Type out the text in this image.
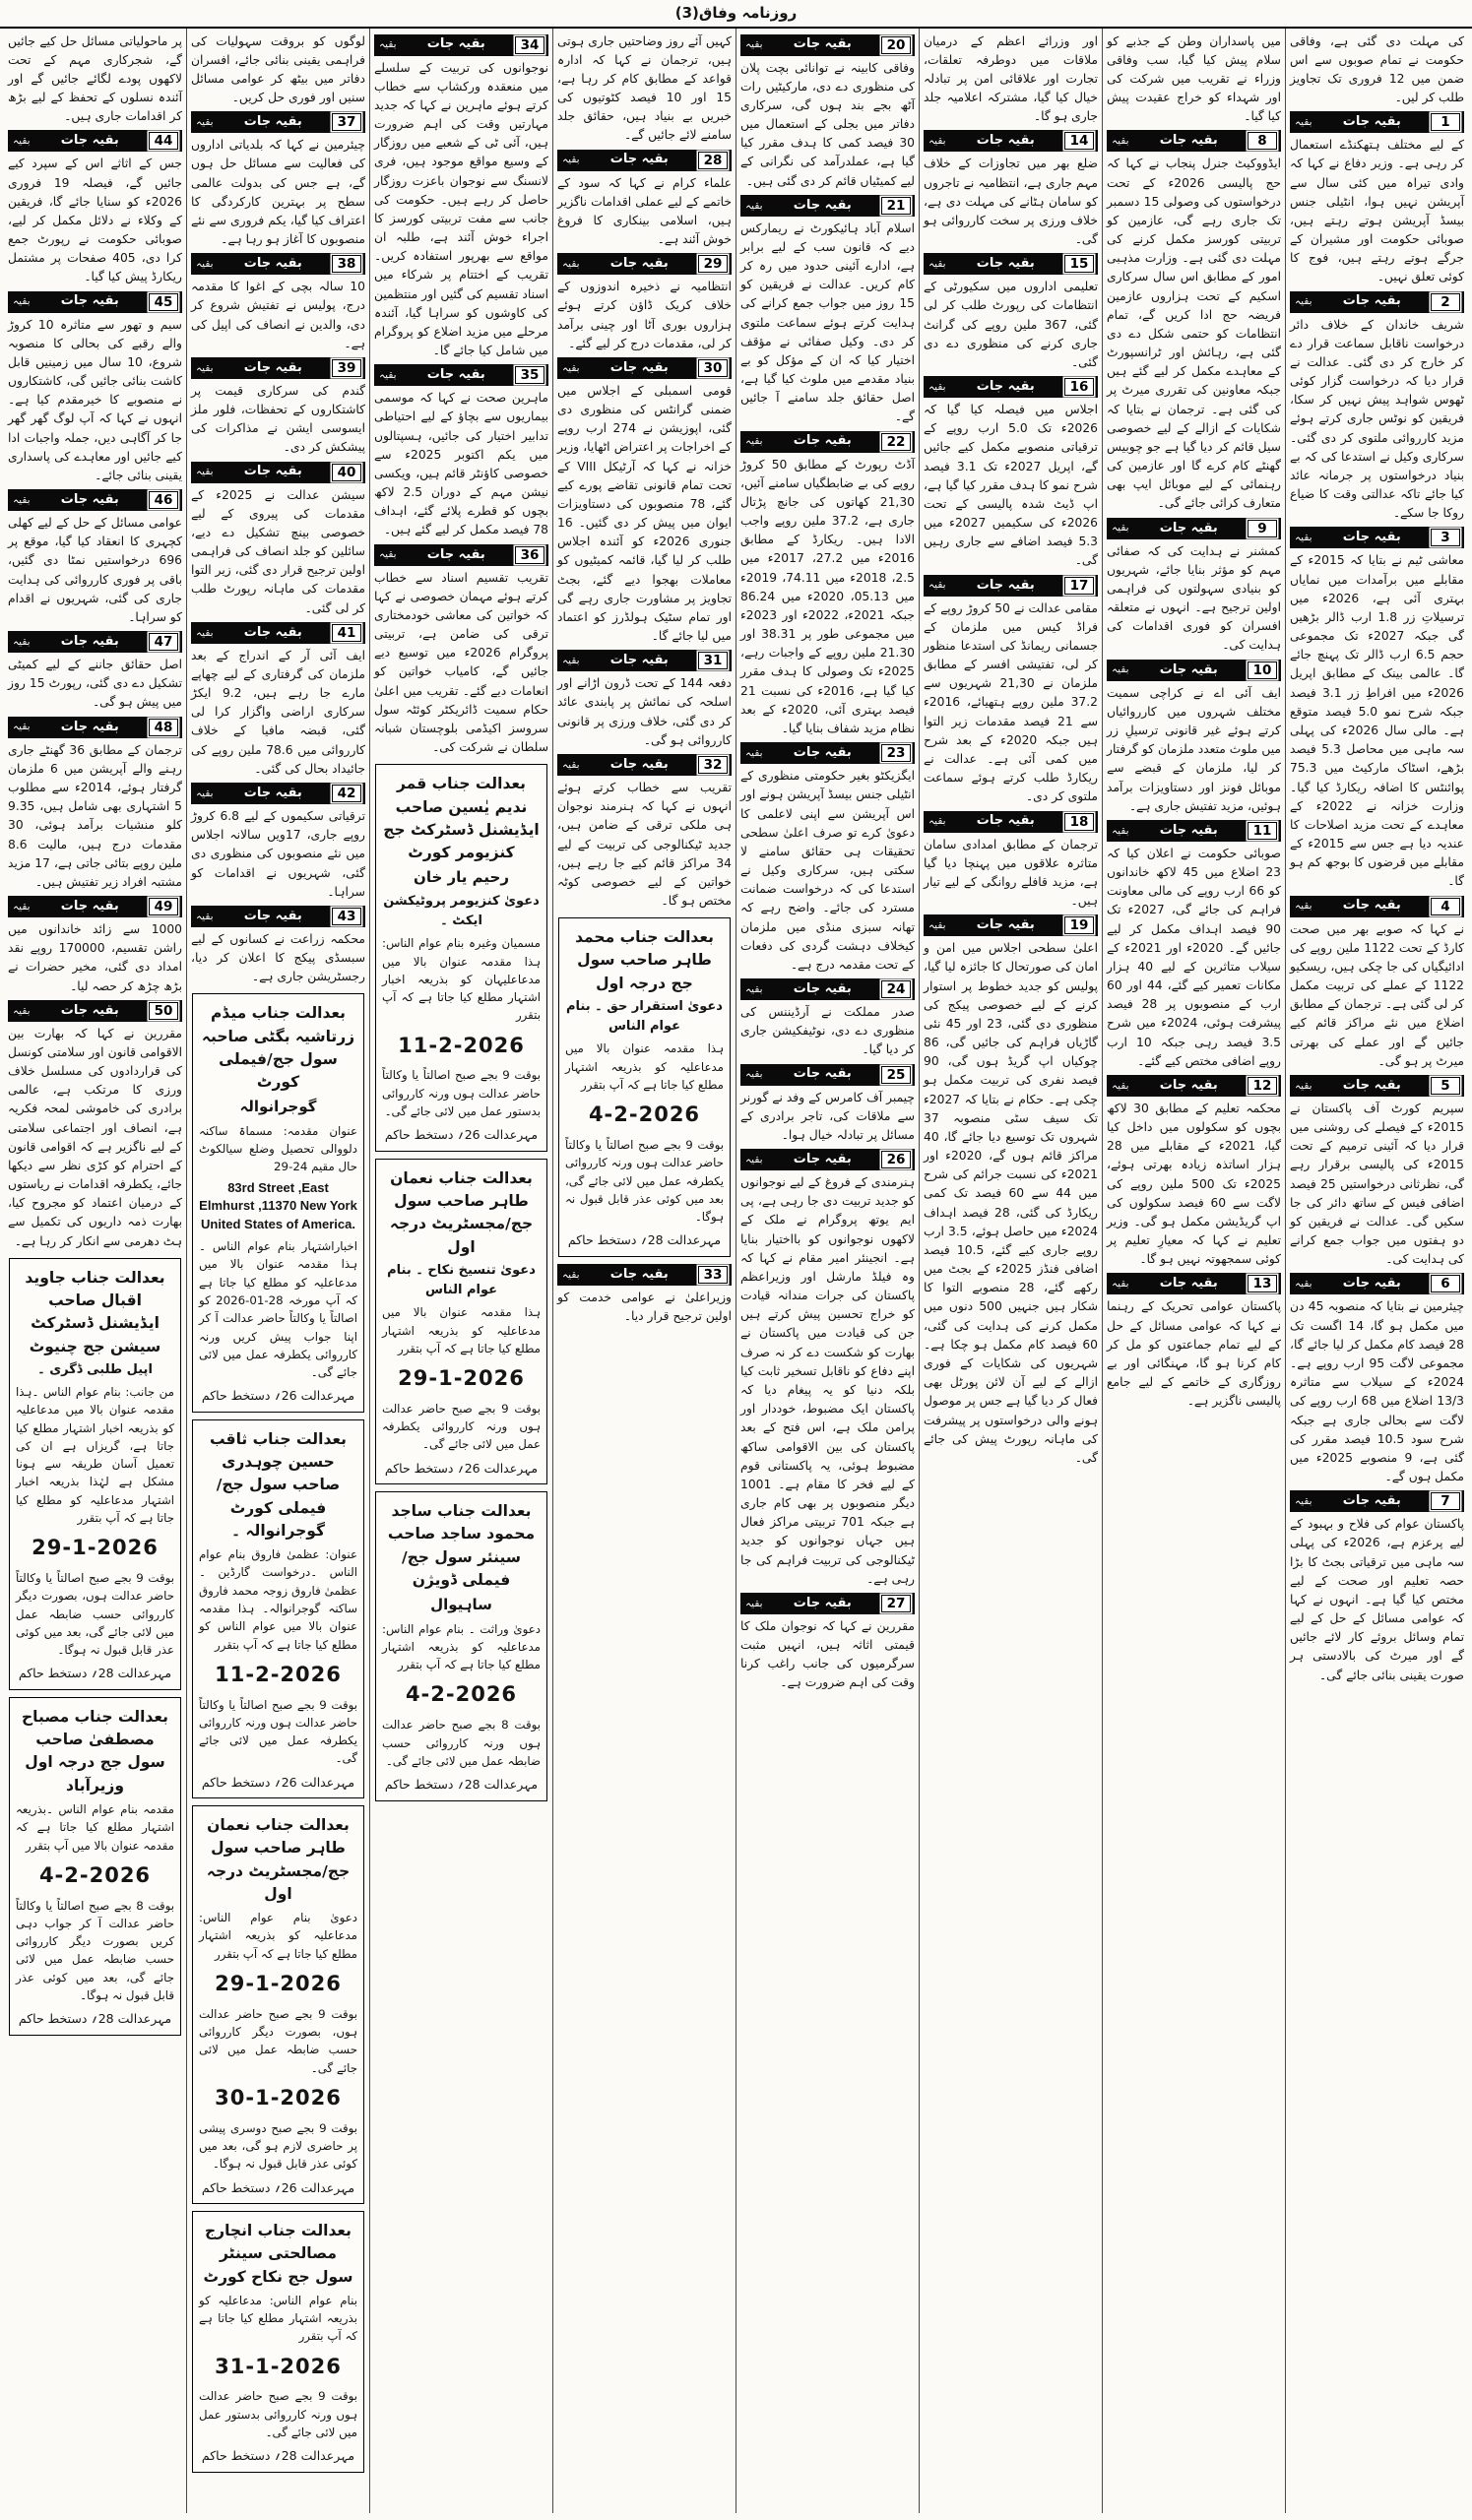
روزنامہ وفاق(3)

کی مہلت دی گئی ہے، وفاقی حکومت نے تمام صوبوں سے اس ضمن میں 12 فروری تک تجاویز طلب کر لیں۔

1
بقیہ جات
بقیہ

کے لیے مختلف ہتھکنڈے استعمال کر رہی ہے۔ وزیر دفاع نے کہا کہ وادی تیراہ میں کئی سال سے آپریشن نہیں ہوا، انٹیلی جنس بیسڈ آپریشن ہوتے رہتے ہیں، صوبائی حکومت اور مشیران کے جرگے ہوتے رہتے ہیں، فوج کا کوئی تعلق نہیں۔

2
بقیہ جات
بقیہ

شریف خاندان کے خلاف دائر درخواست ناقابل سماعت قرار دے کر خارج کر دی گئی۔ عدالت نے قرار دیا کہ درخواست گزار کوئی ٹھوس شواہد پیش نہیں کر سکا، فریقین کو نوٹس جاری کرتے ہوئے مزید کارروائی ملتوی کر دی گئی۔ سرکاری وکیل نے استدعا کی کہ بے بنیاد درخواستوں پر جرمانہ عائد کیا جائے تاکہ عدالتی وقت کا ضیاع روکا جا سکے۔

3
بقیہ جات
بقیہ

معاشی ٹیم نے بتایا کہ 2015ء کے مقابلے میں برآمدات میں نمایاں بہتری آئی ہے، 2026ء میں ترسیلاتِ زر 1.8 ارب ڈالر بڑھیں گی جبکہ 2027ء تک مجموعی حجم 6.5 ارب ڈالر تک پہنچ جائے گا۔ عالمی بینک کے مطابق اپریل 2026ء میں افراطِ زر 3.1 فیصد جبکہ شرح نمو 5.0 فیصد متوقع ہے۔ مالی سال 2026ء کی پہلی سہ ماہی میں محاصل 5.3 فیصد بڑھے، اسٹاک مارکیٹ میں 75.3 پوائنٹس کا اضافہ ریکارڈ کیا گیا۔ وزارت خزانہ نے 2022ء کے معاہدے کے تحت مزید اصلاحات کا عندیہ دیا ہے جس سے 2015ء کے مقابلے میں قرضوں کا بوجھ کم ہو گا۔

4
بقیہ جات
بقیہ

نے کہا کہ صوبے بھر میں صحت کارڈ کے تحت 1122 ملین روپے کی ادائیگیاں کی جا چکی ہیں، ریسکیو 1122 کے عملے کی تربیت مکمل کر لی گئی ہے۔ ترجمان کے مطابق اضلاع میں نئے مراکز قائم کیے جائیں گے اور عملے کی بھرتی میرٹ پر ہو گی۔

5
بقیہ جات
بقیہ

سپریم کورٹ آف پاکستان نے 2015ء کے فیصلے کی روشنی میں قرار دیا کہ آئینی ترمیم کے تحت 2015ء کی پالیسی برقرار رہے گی، نظرثانی درخواستیں 25 فیصد اضافی فیس کے ساتھ دائر کی جا سکیں گی۔ عدالت نے فریقین کو دو ہفتوں میں جواب جمع کرانے کی ہدایت کی۔

6
بقیہ جات
بقیہ

چیئرمین نے بتایا کہ منصوبہ 45 دن میں مکمل ہو گا، 14 اگست تک 28 فیصد کام مکمل کر لیا جائے گا، مجموعی لاگت 95 ارب روپے ہے۔ 2024ء کے سیلاب سے متاثرہ 13/3 اضلاع میں 68 ارب روپے کی لاگت سے بحالی جاری ہے جبکہ شرح سود 10.5 فیصد مقرر کی گئی ہے، 9 منصوبے 2025ء میں مکمل ہوں گے۔

7
بقیہ جات
بقیہ

پاکستان عوام کی فلاح و بہبود کے لیے پرعزم ہے، 2026ء کی پہلی سہ ماہی میں ترقیاتی بجٹ کا بڑا حصہ تعلیم اور صحت کے لیے مختص کیا گیا ہے۔ انہوں نے کہا کہ عوامی مسائل کے حل کے لیے تمام وسائل بروئے کار لائے جائیں گے اور میرٹ کی بالادستی ہر صورت یقینی بنائی جائے گی۔

میں پاسداران وطن کے جذبے کو سلام پیش کیا گیا، سب وفاقی وزراء نے تقریب میں شرکت کی اور شہداء کو خراج عقیدت پیش کیا گیا۔

8
بقیہ جات
بقیہ

ایڈووکیٹ جنرل پنجاب نے کہا کہ حج پالیسی 2026ء کے تحت درخواستوں کی وصولی 15 دسمبر تک جاری رہے گی، عازمین کو تربیتی کورسز مکمل کرنے کی مہلت دی گئی ہے۔ وزارت مذہبی امور کے مطابق اس سال سرکاری اسکیم کے تحت ہزاروں عازمین فریضہ حج ادا کریں گے، تمام انتظامات کو حتمی شکل دے دی گئی ہے، رہائش اور ٹرانسپورٹ کے معاہدے مکمل کر لیے گئے ہیں جبکہ معاونین کی تقرری میرٹ پر کی گئی ہے۔ ترجمان نے بتایا کہ شکایات کے ازالے کے لیے خصوصی سیل قائم کر دیا گیا ہے جو چوبیس گھنٹے کام کرے گا اور عازمین کی رہنمائی کے لیے موبائل ایپ بھی متعارف کرائی جائے گی۔

9
بقیہ جات
بقیہ

کمشنر نے ہدایت کی کہ صفائی مہم کو مؤثر بنایا جائے، شہریوں کو بنیادی سہولتوں کی فراہمی اولین ترجیح ہے۔ انہوں نے متعلقہ افسران کو فوری اقدامات کی ہدایت کی۔

10
بقیہ جات
بقیہ

ایف آئی اے نے کراچی سمیت مختلف شہروں میں کارروائیاں کرتے ہوئے غیر قانونی ترسیلِ زر میں ملوث متعدد ملزمان کو گرفتار کر لیا، ملزمان کے قبضے سے موبائل فونز اور دستاویزات برآمد ہوئیں، مزید تفتیش جاری ہے۔

11
بقیہ جات
بقیہ

صوبائی حکومت نے اعلان کیا کہ 23 اضلاع میں 45 لاکھ خاندانوں کو 66 ارب روپے کی مالی معاونت فراہم کی جائے گی، 2027ء تک 90 فیصد اہداف مکمل کر لیے جائیں گے۔ 2020ء اور 2021ء کے سیلاب متاثرین کے لیے 40 ہزار مکانات تعمیر کیے گئے، 44 اور 60 ارب کے منصوبوں پر 28 فیصد پیشرفت ہوئی، 2024ء میں شرح 3.5 فیصد رہی جبکہ 10 ارب روپے اضافی مختص کیے گئے۔

12
بقیہ جات
بقیہ

محکمہ تعلیم کے مطابق 30 لاکھ بچوں کو سکولوں میں داخل کیا گیا، 2021ء کے مقابلے میں 28 ہزار اساتذہ زیادہ بھرتی ہوئے، 2025ء تک 500 ملین روپے کی لاگت سے 60 فیصد سکولوں کی اپ گریڈیشن مکمل ہو گی۔ وزیر تعلیم نے کہا کہ معیارِ تعلیم پر کوئی سمجھوتہ نہیں ہو گا۔

13
بقیہ جات
بقیہ

پاکستان عوامی تحریک کے رہنما نے کہا کہ عوامی مسائل کے حل کے لیے تمام جماعتوں کو مل کر کام کرنا ہو گا، مہنگائی اور بے روزگاری کے خاتمے کے لیے جامع پالیسی ناگزیر ہے۔

اور وزرائے اعظم کے درمیان ملاقات میں دوطرفہ تعلقات، تجارت اور علاقائی امن پر تبادلہ خیال کیا گیا، مشترکہ اعلامیہ جلد جاری ہو گا۔

14
بقیہ جات
بقیہ

ضلع بھر میں تجاوزات کے خلاف مہم جاری ہے، انتظامیہ نے تاجروں کو سامان ہٹانے کی مہلت دی ہے، خلاف ورزی پر سخت کارروائی ہو گی۔

15
بقیہ جات
بقیہ

تعلیمی اداروں میں سکیورٹی کے انتظامات کی رپورٹ طلب کر لی گئی، 367 ملین روپے کی گرانٹ جاری کرنے کی منظوری دے دی گئی۔

16
بقیہ جات
بقیہ

اجلاس میں فیصلہ کیا گیا کہ 2026ء تک 5.0 ارب روپے کے ترقیاتی منصوبے مکمل کیے جائیں گے، اپریل 2027ء تک 3.1 فیصد شرح نمو کا ہدف مقرر کیا گیا ہے، اپ ڈیٹ شدہ پالیسی کے تحت 2026ء کی سکیمیں 2027ء میں 5.3 فیصد اضافے سے جاری رہیں گی۔

17
بقیہ جات
بقیہ

مقامی عدالت نے 50 کروڑ روپے کے فراڈ کیس میں ملزمان کے جسمانی ریمانڈ کی استدعا منظور کر لی، تفتیشی افسر کے مطابق ملزمان نے 21,30 شہریوں سے 37.2 ملین روپے ہتھیائے، 2016ء سے 21 فیصد مقدمات زیر التوا ہیں جبکہ 2020ء کے بعد شرح میں کمی آئی ہے۔ عدالت نے ریکارڈ طلب کرتے ہوئے سماعت ملتوی کر دی۔

18
بقیہ جات
بقیہ

ترجمان کے مطابق امدادی سامان متاثرہ علاقوں میں پہنچا دیا گیا ہے، مزید قافلے روانگی کے لیے تیار ہیں۔

19
بقیہ جات
بقیہ

اعلیٰ سطحی اجلاس میں امن و امان کی صورتحال کا جائزہ لیا گیا، پولیس کو جدید خطوط پر استوار کرنے کے لیے خصوصی پیکج کی منظوری دی گئی، 23 اور 45 نئی گاڑیاں فراہم کی جائیں گی، 86 چوکیاں اپ گریڈ ہوں گی، 90 فیصد نفری کی تربیت مکمل ہو چکی ہے۔ حکام نے بتایا کہ 2027ء تک سیف سٹی منصوبہ 37 شہروں تک توسیع دیا جائے گا، 40 مراکز قائم ہوں گے، 2020ء اور 2021ء کی نسبت جرائم کی شرح میں 44 سے 60 فیصد تک کمی ریکارڈ کی گئی، 28 فیصد اہداف 2024ء میں حاصل ہوئے، 3.5 ارب روپے جاری کیے گئے، 10.5 فیصد اضافی فنڈز 2025ء کے بجٹ میں رکھے گئے، 28 منصوبے التوا کا شکار ہیں جنہیں 500 دنوں میں مکمل کرنے کی ہدایت کی گئی، 60 فیصد کام مکمل ہو چکا ہے۔ شہریوں کی شکایات کے فوری ازالے کے لیے آن لائن پورٹل بھی فعال کر دیا گیا ہے جس پر موصول ہونے والی درخواستوں پر پیشرفت کی ماہانہ رپورٹ پیش کی جائے گی۔

20
بقیہ جات
بقیہ

وفاقی کابینہ نے توانائی بچت پلان کی منظوری دے دی، مارکیٹیں رات آٹھ بجے بند ہوں گی، سرکاری دفاتر میں بجلی کے استعمال میں 30 فیصد کمی کا ہدف مقرر کیا گیا ہے، عملدرآمد کی نگرانی کے لیے کمیٹیاں قائم کر دی گئی ہیں۔

21
بقیہ جات
بقیہ

اسلام آباد ہائیکورٹ نے ریمارکس دیے کہ قانون سب کے لیے برابر ہے، ادارے آئینی حدود میں رہ کر کام کریں۔ عدالت نے فریقین کو 15 روز میں جواب جمع کرانے کی ہدایت کرتے ہوئے سماعت ملتوی کر دی۔ وکیل صفائی نے مؤقف اختیار کیا کہ ان کے مؤکل کو بے بنیاد مقدمے میں ملوث کیا گیا ہے، اصل حقائق جلد سامنے آ جائیں گے۔

22
بقیہ جات
بقیہ

آڈٹ رپورٹ کے مطابق 50 کروڑ روپے کی بے ضابطگیاں سامنے آئیں، 21,30 کھاتوں کی جانچ پڑتال جاری ہے، 37.2 ملین روپے واجب الادا ہیں۔ ریکارڈ کے مطابق 2016ء میں 27.2، 2017ء میں 2.5، 2018ء میں 74.11، 2019ء میں 05.13، 2020ء میں 86.24 جبکہ 2021ء، 2022ء اور 2023ء میں مجموعی طور پر 38.31 اور 21.30 ملین روپے کے واجبات رہے، 2025ء تک وصولی کا ہدف مقرر کیا گیا ہے، 2016ء کی نسبت 21 فیصد بہتری آئی، 2020ء کے بعد نظام مزید شفاف بنایا گیا۔

23
بقیہ جات
بقیہ

ایگزیکٹو بغیر حکومتی منظوری کے انٹیلی جنس بیسڈ آپریشن ہونے اور اس آپریشن سے اپنی لاعلمی کا دعویٰ کرے تو صرف اعلیٰ سطحی تحقیقات ہی حقائق سامنے لا سکتی ہیں، سرکاری وکیل نے استدعا کی کہ درخواست ضمانت مسترد کی جائے۔ واضح رہے کہ تھانہ سبزی منڈی میں ملزمان کیخلاف دہشت گردی کی دفعات کے تحت مقدمہ درج ہے۔

24
بقیہ جات
بقیہ

صدر مملکت نے آرڈیننس کی منظوری دے دی، نوٹیفکیشن جاری کر دیا گیا۔

25
بقیہ جات
بقیہ

چیمبر آف کامرس کے وفد نے گورنر سے ملاقات کی، تاجر برادری کے مسائل پر تبادلہ خیال ہوا۔

26
بقیہ جات
بقیہ

ہنرمندی کے فروغ کے لیے نوجوانوں کو جدید تربیت دی جا رہی ہے، پی ایم یوتھ پروگرام نے ملک کے لاکھوں نوجوانوں کو بااختیار بنایا ہے۔ انجینئر امیر مقام نے کہا کہ وہ فیلڈ مارشل اور وزیراعظم پاکستان کی جرات مندانہ قیادت کو خراج تحسین پیش کرتے ہیں جن کی قیادت میں پاکستان نے بھارت کو شکست دے کر نہ صرف اپنے دفاع کو ناقابل تسخیر ثابت کیا بلکہ دنیا کو یہ پیغام دیا کہ پاکستان ایک مضبوط، خوددار اور پرامن ملک ہے، اس فتح کے بعد پاکستان کی بین الاقوامی ساکھ مضبوط ہوئی، یہ پاکستانی قوم کے لیے فخر کا مقام ہے۔ 1001 دیگر منصوبوں پر بھی کام جاری ہے جبکہ 701 تربیتی مراکز فعال ہیں جہاں نوجوانوں کو جدید ٹیکنالوجی کی تربیت فراہم کی جا رہی ہے۔

27
بقیہ جات
بقیہ

مقررین نے کہا کہ نوجوان ملک کا قیمتی اثاثہ ہیں، انہیں مثبت سرگرمیوں کی جانب راغب کرنا وقت کی اہم ضرورت ہے۔

کہیں آئے روز وضاحتیں جاری ہوتی ہیں، ترجمان نے کہا کہ ادارہ قواعد کے مطابق کام کر رہا ہے، 15 اور 10 فیصد کٹوتیوں کی خبریں بے بنیاد ہیں، حقائق جلد سامنے لائے جائیں گے۔

28
بقیہ جات
بقیہ

علماء کرام نے کہا کہ سود کے خاتمے کے لیے عملی اقدامات ناگزیر ہیں، اسلامی بینکاری کا فروغ خوش آئند ہے۔

29
بقیہ جات
بقیہ

انتظامیہ نے ذخیرہ اندوزوں کے خلاف کریک ڈاؤن کرتے ہوئے ہزاروں بوری آٹا اور چینی برآمد کر لی، مقدمات درج کر لیے گئے۔

30
بقیہ جات
بقیہ

قومی اسمبلی کے اجلاس میں ضمنی گرانٹس کی منظوری دی گئی، اپوزیشن نے 274 ارب روپے کے اخراجات پر اعتراض اٹھایا، وزیر خزانہ نے کہا کہ آرٹیکل VIII کے تحت تمام قانونی تقاضے پورے کیے گئے، 78 منصوبوں کی دستاویزات ایوان میں پیش کر دی گئیں۔ 16 جنوری 2026ء کو آئندہ اجلاس طلب کر لیا گیا، قائمہ کمیٹیوں کو معاملات بھجوا دیے گئے، بجٹ تجاویز پر مشاورت جاری رہے گی اور تمام سٹیک ہولڈرز کو اعتماد میں لیا جائے گا۔

31
بقیہ جات
بقیہ

دفعہ 144 کے تحت ڈرون اڑانے اور اسلحہ کی نمائش پر پابندی عائد کر دی گئی، خلاف ورزی پر قانونی کارروائی ہو گی۔

32
بقیہ جات
بقیہ

تقریب سے خطاب کرتے ہوئے انہوں نے کہا کہ ہنرمند نوجوان ہی ملکی ترقی کے ضامن ہیں، جدید ٹیکنالوجی کی تربیت کے لیے 34 مراکز قائم کیے جا رہے ہیں، خواتین کے لیے خصوصی کوٹہ مختص ہو گا۔

بعدالت جناب محمد طاہر صاحب سول جج درجہ اول
دعویٰ استقرار حق ۔ بنام عوام الناس
ہذا مقدمہ عنوان بالا میں مدعاعلیہ کو بذریعہ اشتہار مطلع کیا جاتا ہے کہ آپ بتقرر
4-2-2026
بوقت 9 بجے صبح اصالتاً یا وکالتاً حاضر عدالت ہوں ورنہ کارروائی یکطرفہ عمل میں لائی جائے گی، بعد میں کوئی عذر قابل قبول نہ ہوگا۔
مہرعدالت 28؍ دستخط حاکم
33
بقیہ جات
بقیہ

وزیراعلیٰ نے عوامی خدمت کو اولین ترجیح قرار دیا۔

34
بقیہ جات
بقیہ

نوجوانوں کی تربیت کے سلسلے میں منعقدہ ورکشاپ سے خطاب کرتے ہوئے ماہرین نے کہا کہ جدید مہارتیں وقت کی اہم ضرورت ہیں، آئی ٹی کے شعبے میں روزگار کے وسیع مواقع موجود ہیں، فری لانسنگ سے نوجوان باعزت روزگار حاصل کر رہے ہیں۔ حکومت کی جانب سے مفت تربیتی کورسز کا اجراء خوش آئند ہے، طلبہ ان مواقع سے بھرپور استفادہ کریں۔ تقریب کے اختتام پر شرکاء میں اسناد تقسیم کی گئیں اور منتظمین کی کاوشوں کو سراہا گیا، آئندہ مرحلے میں مزید اضلاع کو پروگرام میں شامل کیا جائے گا۔

35
بقیہ جات
بقیہ

ماہرین صحت نے کہا کہ موسمی بیماریوں سے بچاؤ کے لیے احتیاطی تدابیر اختیار کی جائیں، ہسپتالوں میں یکم اکتوبر 2025ء سے خصوصی کاؤنٹر قائم ہیں، ویکسی نیشن مہم کے دوران 2.5 لاکھ بچوں کو قطرے پلائے گئے، اہداف 78 فیصد مکمل کر لیے گئے ہیں۔

36
بقیہ جات
بقیہ

تقریب تقسیم اسناد سے خطاب کرتے ہوئے مہمان خصوصی نے کہا کہ خواتین کی معاشی خودمختاری ترقی کی ضامن ہے، تربیتی پروگرام 2026ء میں توسیع دیے جائیں گے، کامیاب خواتین کو انعامات دیے گئے۔ تقریب میں اعلیٰ حکام سمیت ڈائریکٹر کوئٹہ سول سروسز اکیڈمی بلوچستان شبانہ سلطان نے شرکت کی۔

بعدالت جناب قمر ندیم یٰسین صاحب ایڈیشنل ڈسٹرکٹ جج کنزیومر کورٹ
رحیم یار خان
دعویٰ کنزیومر پروٹیکشن ایکٹ ۔
مسمیان وغیرہ بنام عوام الناس: ہذا مقدمہ عنوان بالا میں مدعاعلیہان کو بذریعہ اخبار اشتہار مطلع کیا جاتا ہے کہ آپ بتقرر
11-2-2026
بوقت 9 بجے صبح اصالتاً یا وکالتاً حاضر عدالت ہوں ورنہ کارروائی بدستور عمل میں لائی جائے گی۔
مہرعدالت 26؍ دستخط حاکم
بعدالت جناب نعمان طاہر صاحب سول جج/مجسٹریٹ درجہ اول
دعویٰ تنسیخ نکاح ۔ بنام عوام الناس
ہذا مقدمہ عنوان بالا میں مدعاعلیہ کو بذریعہ اشتہار مطلع کیا جاتا ہے کہ آپ بتقرر
29-1-2026
بوقت 9 بجے صبح حاضر عدالت ہوں ورنہ کارروائی یکطرفہ عمل میں لائی جائے گی۔
مہرعدالت 26؍ دستخط حاکم
بعدالت جناب ساجد محمود ساجد صاحب سینئر سول جج/فیملی ڈویژن
ساہیوال
دعویٰ وراثت ۔ بنام عوام الناس: مدعاعلیہ کو بذریعہ اشتہار مطلع کیا جاتا ہے کہ آپ بتقرر
4-2-2026
بوقت 8 بجے صبح حاضر عدالت ہوں ورنہ کارروائی حسب ضابطہ عمل میں لائی جائے گی۔
مہرعدالت 28؍ دستخط حاکم

لوگوں کو بروقت سہولیات کی فراہمی یقینی بنائی جائے، افسران دفاتر میں بیٹھ کر عوامی مسائل سنیں اور فوری حل کریں۔

37
بقیہ جات
بقیہ

چیئرمین نے کہا کہ بلدیاتی اداروں کی فعالیت سے مسائل حل ہوں گے، ہے جس کی بدولت عالمی سطح پر بہترین کارکردگی کا اعتراف کیا گیا، یکم فروری سے نئے منصوبوں کا آغاز ہو رہا ہے۔

38
بقیہ جات
بقیہ

10 سالہ بچی کے اغوا کا مقدمہ درج، پولیس نے تفتیش شروع کر دی، والدین نے انصاف کی اپیل کی ہے۔

39
بقیہ جات
بقیہ

گندم کی سرکاری قیمت پر کاشتکاروں کے تحفظات، فلور ملز ایسوسی ایشن نے مذاکرات کی پیشکش کر دی۔

40
بقیہ جات
بقیہ

سیشن عدالت نے 2025ء کے مقدمات کی پیروی کے لیے خصوصی بینچ تشکیل دے دیے، سائلین کو جلد انصاف کی فراہمی اولین ترجیح قرار دی گئی، زیر التوا مقدمات کی ماہانہ رپورٹ طلب کر لی گئی۔

41
بقیہ جات
بقیہ

ایف آئی آر کے اندراج کے بعد ملزمان کی گرفتاری کے لیے چھاپے مارے جا رہے ہیں، 9.2 ایکڑ سرکاری اراضی واگزار کرا لی گئی، قبضہ مافیا کے خلاف کارروائی میں 78.6 ملین روپے کی جائیداد بحال کی گئی۔

42
بقیہ جات
بقیہ

ترقیاتی سکیموں کے لیے 6.8 کروڑ روپے جاری، 17ویں سالانہ اجلاس میں نئے منصوبوں کی منظوری دی گئی، شہریوں نے اقدامات کو سراہا۔

43
بقیہ جات
بقیہ

محکمہ زراعت نے کسانوں کے لیے سبسڈی پیکج کا اعلان کر دیا، رجسٹریشن جاری ہے۔

بعدالت جناب میڈم زرتاشیہ بگٹی صاحبہ سول جج/فیملی کورٹ
گوجرانوالہ
عنوان مقدمہ: مسماۃ ساکنہ دلووالی تحصیل وضلع سیالکوٹ حال مقیم 24-29
83rd Street ,East Elmhurst ,11370 New York United States of America.
اخباراشتہار بنام عوام الناس ۔ہذا مقدمہ عنوان بالا میں مدعاعلیہ کو مطلع کیا جاتا ہے کہ آپ مورخہ 28-01-2026 کو اصالتاً یا وکالتاً حاضر عدالت آ کر اپنا جواب پیش کریں ورنہ کارروائی یکطرفہ عمل میں لائی جائے گی۔
مہرعدالت 26؍ دستخط حاکم
بعدالت جناب ثاقب حسین چوہدری صاحب سول جج/فیملی کورٹ گوجرانوالہ ۔
عنوان: عظمیٰ فاروق بنام عوام الناس ۔درخواست گارڈین ۔ عظمیٰ فاروق زوجہ محمد فاروق ساکنہ گوجرانوالہ۔ ہذا مقدمہ عنوان بالا میں عوام الناس کو مطلع کیا جاتا ہے کہ آپ بتقرر
11-2-2026
بوقت 9 بجے صبح اصالتاً یا وکالتاً حاضر عدالت ہوں ورنہ کارروائی یکطرفہ عمل میں لائی جائے گی۔
مہرعدالت 26؍ دستخط حاکم
بعدالت جناب نعمان طاہر صاحب سول جج/مجسٹریٹ درجہ اول
دعویٰ بنام عوام الناس: مدعاعلیہ کو بذریعہ اشتہار مطلع کیا جاتا ہے کہ آپ بتقرر
29-1-2026
بوقت 9 بجے صبح حاضر عدالت ہوں، بصورت دیگر کارروائی حسب ضابطہ عمل میں لائی جائے گی۔
30-1-2026
بوقت 9 بجے صبح دوسری پیشی پر حاضری لازم ہو گی، بعد میں کوئی عذر قابل قبول نہ ہوگا۔
مہرعدالت 26؍ دستخط حاکم
بعدالت جناب انچارج مصالحتی سینٹر سول جج نکاح کورٹ
بنام عوام الناس: مدعاعلیہ کو بذریعہ اشتہار مطلع کیا جاتا ہے کہ آپ بتقرر
31-1-2026
بوقت 9 بجے صبح حاضر عدالت ہوں ورنہ کارروائی بدستور عمل میں لائی جائے گی۔
مہرعدالت 28؍ دستخط حاکم

پر ماحولیاتی مسائل حل کیے جائیں گے، شجرکاری مہم کے تحت لاکھوں پودے لگائے جائیں گے اور آئندہ نسلوں کے تحفظ کے لیے بڑھ کر اقدامات جاری ہیں۔

44
بقیہ جات
بقیہ

جس کے اثاثے اس کے سپرد کیے جائیں گے، فیصلہ 19 فروری 2026ء کو سنایا جائے گا، فریقین کے وکلاء نے دلائل مکمل کر لیے، صوبائی حکومت نے رپورٹ جمع کرا دی، 405 صفحات پر مشتمل ریکارڈ پیش کیا گیا۔

45
بقیہ جات
بقیہ

سیم و تھور سے متاثرہ 10 کروڑ والے رقبے کی بحالی کا منصوبہ شروع، 10 سال میں زمینیں قابل کاشت بنائی جائیں گی، کاشتکاروں نے منصوبے کا خیرمقدم کیا ہے۔ انہوں نے کہا کہ آپ لوگ گھر گھر جا کر آگاہی دیں، جملہ واجبات ادا کیے جائیں اور معاہدے کی پاسداری یقینی بنائی جائے۔

46
بقیہ جات
بقیہ

عوامی مسائل کے حل کے لیے کھلی کچہری کا انعقاد کیا گیا، موقع پر 696 درخواستیں نمٹا دی گئیں، باقی پر فوری کارروائی کی ہدایت جاری کی گئی، شہریوں نے اقدام کو سراہا۔

47
بقیہ جات
بقیہ

اصل حقائق جاننے کے لیے کمیٹی تشکیل دے دی گئی، رپورٹ 15 روز میں پیش ہو گی۔

48
بقیہ جات
بقیہ

ترجمان کے مطابق 36 گھنٹے جاری رہنے والے آپریشن میں 6 ملزمان گرفتار ہوئے، 2014ء سے مطلوب 5 اشتہاری بھی شامل ہیں، 9.35 کلو منشیات برآمد ہوئی، 30 مقدمات درج ہیں، مالیت 8.6 ملین روپے بتائی جاتی ہے، 17 مزید مشتبہ افراد زیر تفتیش ہیں۔

49
بقیہ جات
بقیہ

1000 سے زائد خاندانوں میں راشن تقسیم، 170000 روپے نقد امداد دی گئی، مخیر حضرات نے بڑھ چڑھ کر حصہ لیا۔

50
بقیہ جات
بقیہ

مقررین نے کہا کہ بھارت بین الاقوامی قانون اور سلامتی کونسل کی قراردادوں کی مسلسل خلاف ورزی کا مرتکب ہے، عالمی برادری کی خاموشی لمحہ فکریہ ہے، انصاف اور اجتماعی سلامتی کے لیے ناگزیر ہے کہ اقوامی قانون کے احترام کو کڑی نظر سے دیکھا جائے، یکطرفہ اقدامات نے ریاستوں کے درمیان اعتماد کو مجروح کیا، بھارت ذمہ داریوں کی تکمیل سے ہٹ دھرمی سے انکار کر رہا ہے۔

بعدالت جناب جاوید اقبال صاحب ایڈیشنل ڈسٹرکٹ سیشن جج چنیوٹ
اپیل طلبی ڈگری ۔
من جانب: بنام عوام الناس ۔ہذا مقدمہ عنوان بالا میں مدعاعلیہ کو بذریعہ اخبار اشتہار مطلع کیا جاتا ہے، گریزاں ہے ان کی تعمیل آسان طریقہ سے ہونا مشکل ہے لہٰذا بذریعہ اخبار اشتہار مدعاعلیہ کو مطلع کیا جاتا ہے کہ آپ بتقرر
29-1-2026
بوقت 9 بجے صبح اصالتاً یا وکالتاً حاضر عدالت ہوں، بصورت دیگر کارروائی حسب ضابطہ عمل میں لائی جائے گی، بعد میں کوئی عذر قابل قبول نہ ہوگا۔
مہرعدالت 28؍ دستخط حاکم
بعدالت جناب مصباح مصطفیٰ صاحب سول جج درجہ اول وزیرآباد
مقدمہ بنام عوام الناس ۔بذریعہ اشتہار مطلع کیا جاتا ہے کہ مقدمہ عنوان بالا میں آپ بتقرر
4-2-2026
بوقت 8 بجے صبح اصالتاً یا وکالتاً حاضر عدالت آ کر جواب دہی کریں بصورت دیگر کارروائی حسب ضابطہ عمل میں لائی جائے گی، بعد میں کوئی عذر قابل قبول نہ ہوگا۔
مہرعدالت 28؍ دستخط حاکم
